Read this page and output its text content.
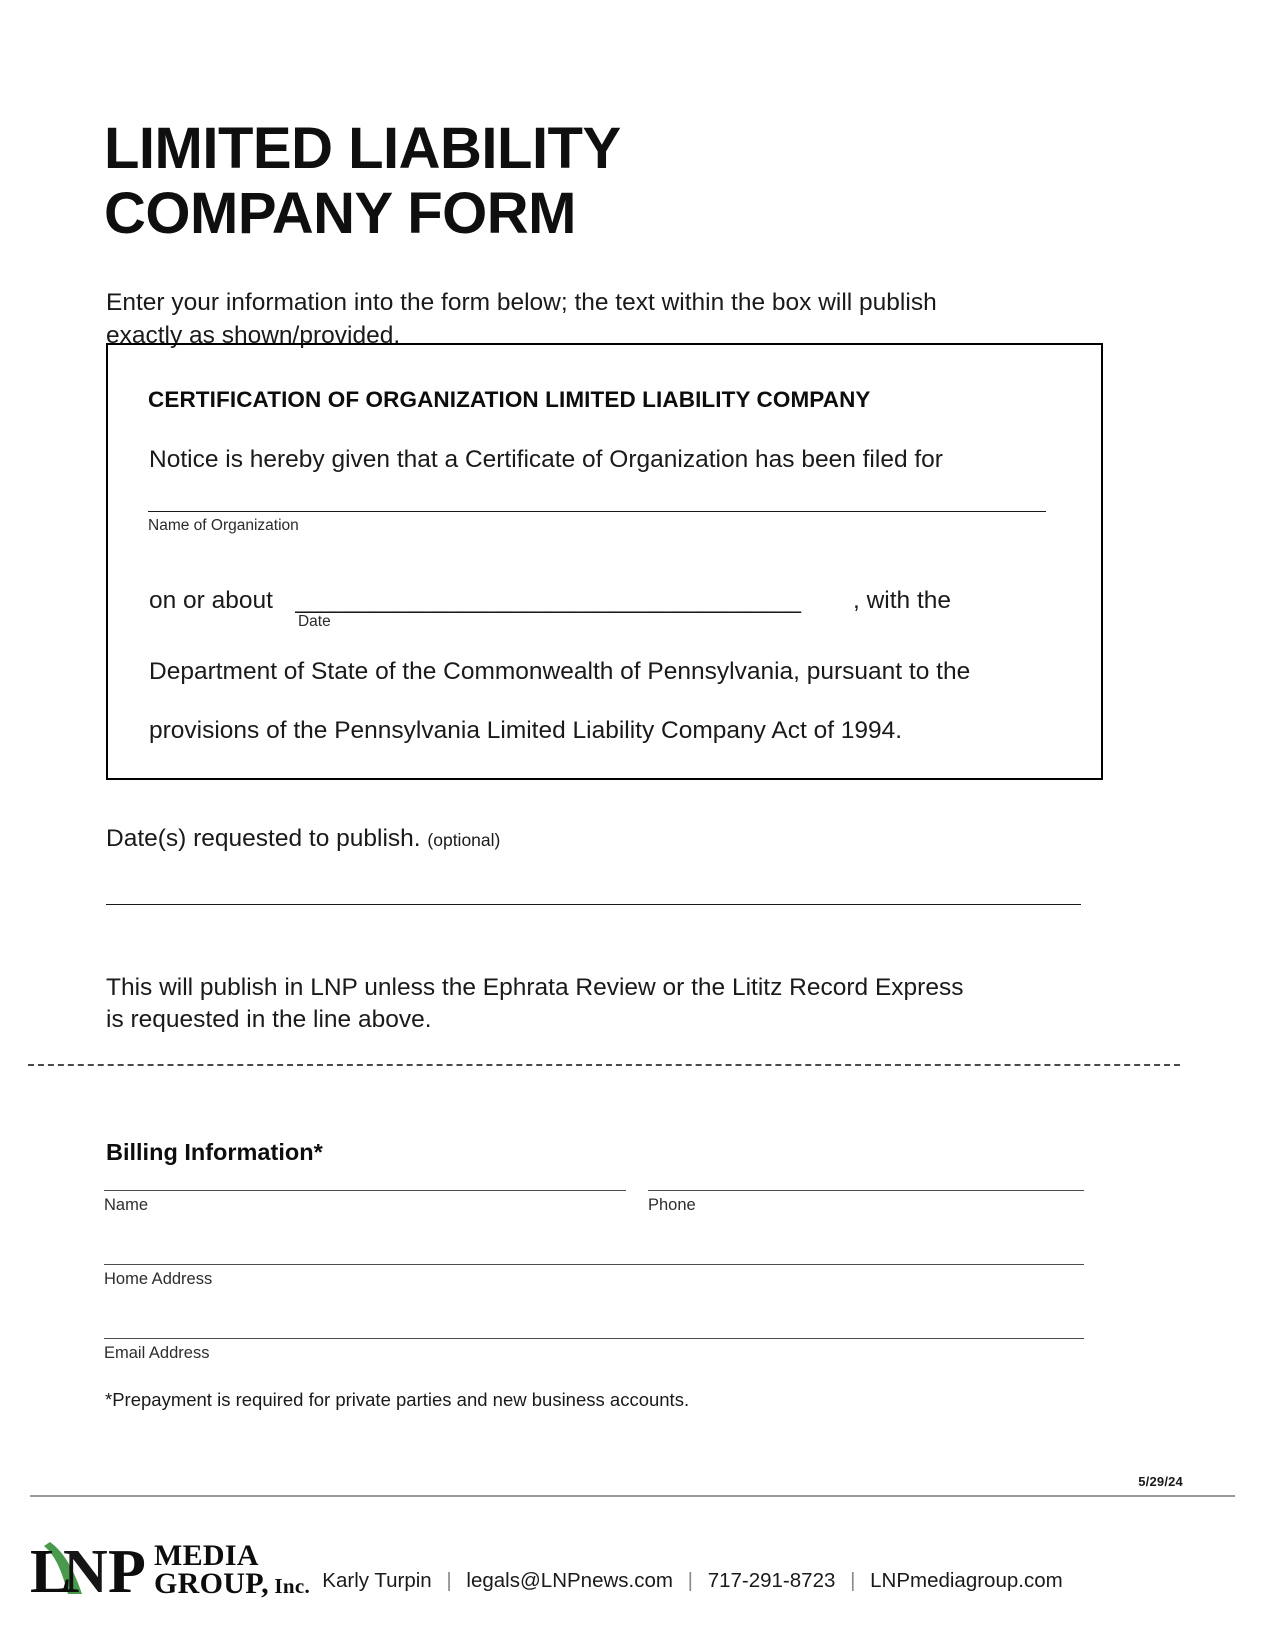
LIMITED LIABILITY
COMPANY FORM

Enter your information into the form below; the text within the box will publish
exactly as shown/provided.

CERTIFICATION OF ORGANIZATION LIMITED LIABILITY COMPANY
Notice is hereby given that a Certificate of Organization has been filed for
Name of Organization
on or about ________________________________________
Date
, with the
Department of State of the Commonwealth of Pennsylvania, pursuant to the
provisions of the Pennsylvania Limited Liability Company Act of 1994.
Date(s) requested to publish. (optional)

This will publish in LNP unless the Ephrata Review or the Lititz Record Express
is requested in the line above.

Billing Information*
Name	Phone
Home Address
Email Address
*Prepayment is required for private parties and new business accounts.
5/29/24
L
N P MEDIA
GROUP, Inc. Karly Turpin | legals@LNPnews.com | 717-291-8723 | LNPmediagroup.com
